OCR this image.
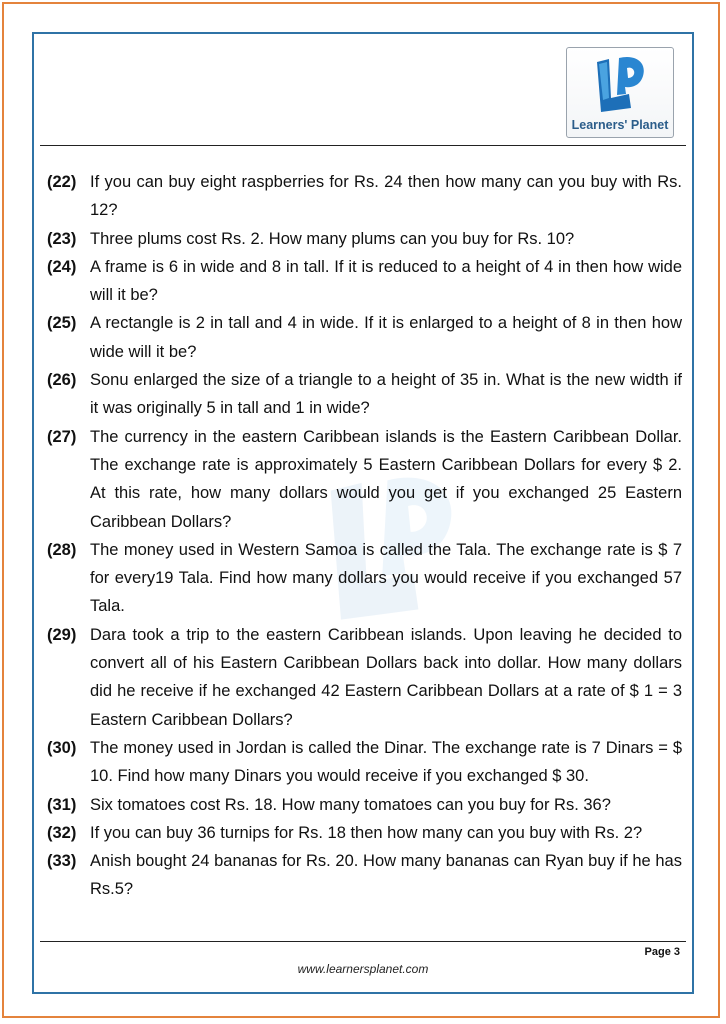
Learners' Planet
(22) If you can buy eight raspberries for Rs. 24 then how many can you buy with Rs. 12?
(23) Three plums cost Rs. 2. How many plums can you buy for Rs. 10?
(24) A frame is 6 in wide and 8 in tall. If it is reduced to a height of 4 in then how wide will it be?
(25) A rectangle is 2 in tall and 4 in wide. If it is enlarged to a height of 8 in then how wide will it be?
(26) Sonu enlarged the size of a triangle to a height of 35 in. What is the new width if it was originally 5 in tall and 1 in wide?
(27) The currency in the eastern Caribbean islands is the Eastern Caribbean Dollar. The exchange rate is approximately 5 Eastern Caribbean Dollars for every $ 2. At this rate, how many dollars would you get if you exchanged 25 Eastern Caribbean Dollars?
(28) The money used in Western Samoa is called the Tala. The exchange rate is $ 7 for every19 Tala. Find how many dollars you would receive if you exchanged 57 Tala.
(29) Dara took a trip to the eastern Caribbean islands. Upon leaving he decided to convert all of his Eastern Caribbean Dollars back into dollar. How many dollars did he receive if he exchanged 42 Eastern Caribbean Dollars at a rate of $ 1 = 3 Eastern Caribbean Dollars?
(30) The money used in Jordan is called the Dinar. The exchange rate is 7 Dinars = $ 10. Find how many Dinars you would receive if you exchanged $ 30.
(31) Six tomatoes cost Rs. 18. How many tomatoes can you buy for Rs. 36?
(32) If you can buy 36 turnips for Rs. 18 then how many can you buy with Rs. 2?
(33) Anish bought 24 bananas for Rs. 20. How many bananas can Ryan buy if he has Rs.5?
Page 3
www.learnersplanet.com
